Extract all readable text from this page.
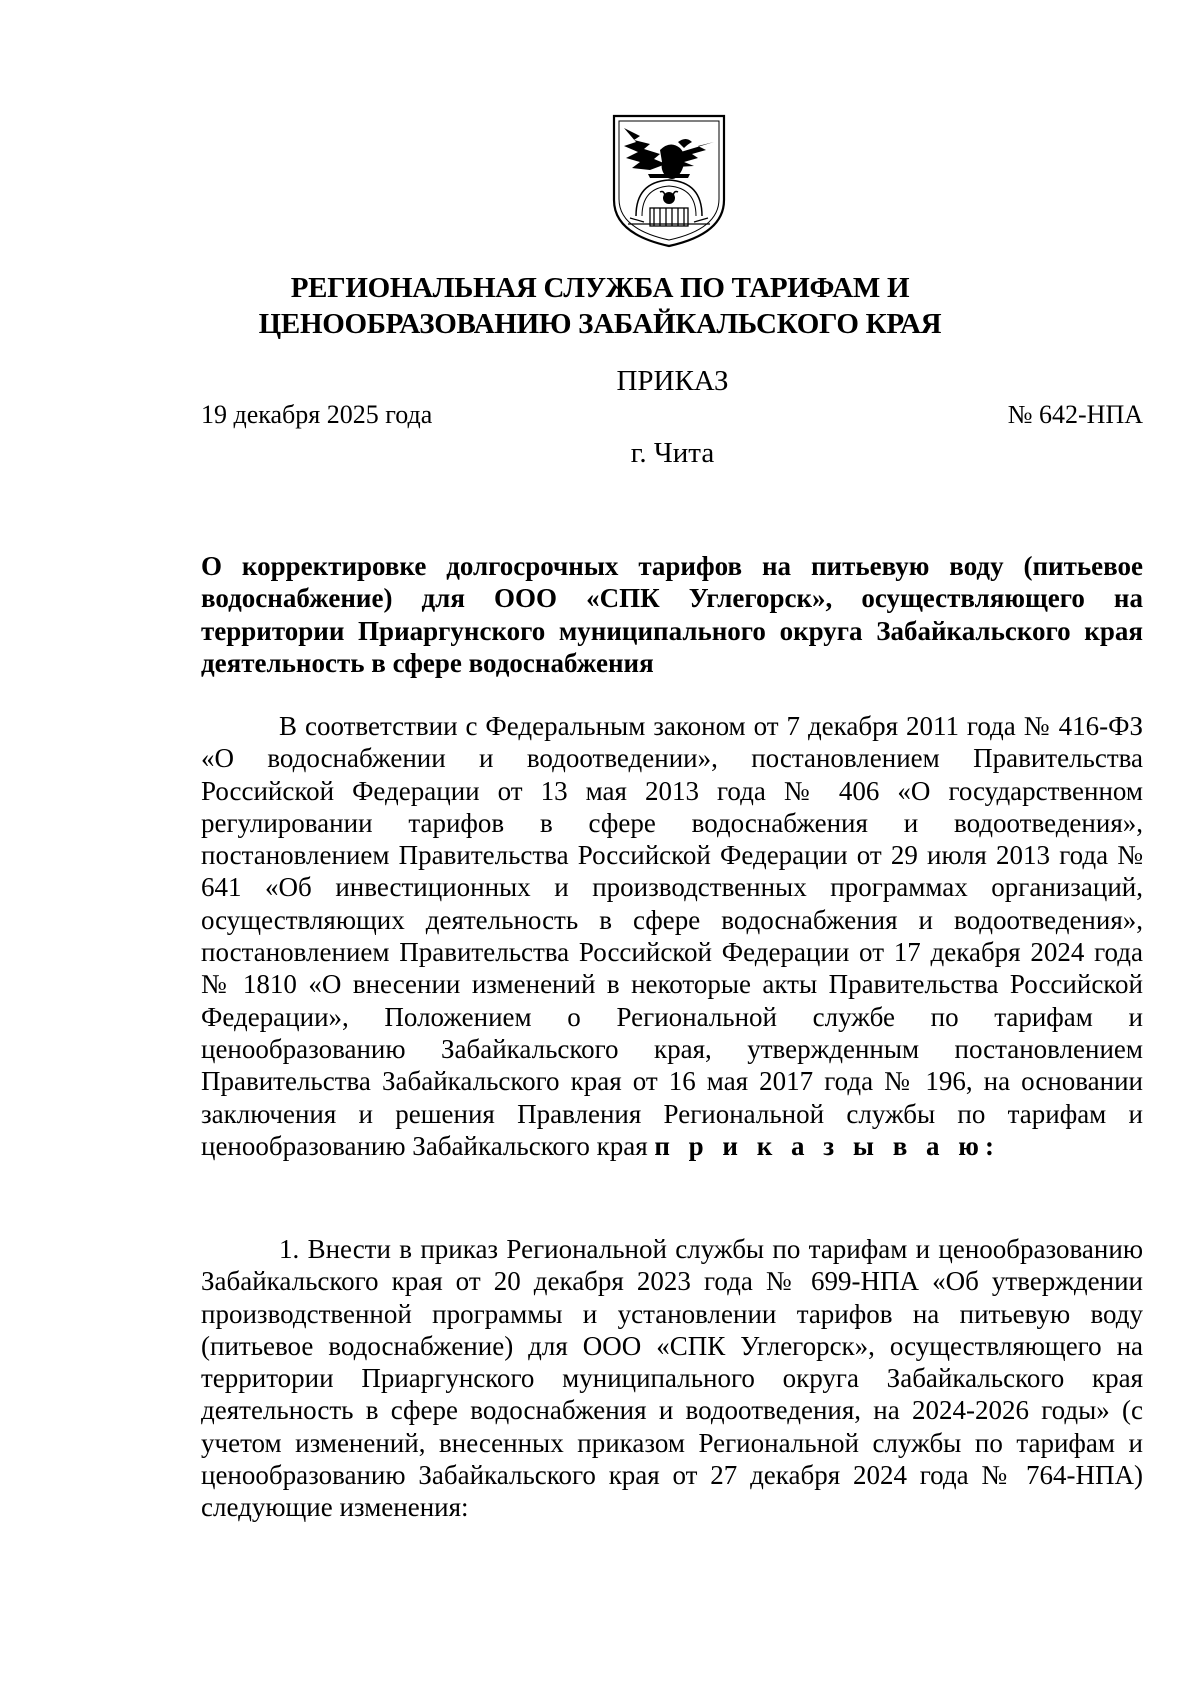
РЕГИОНАЛЬНАЯ СЛУЖБА ПО ТАРИФАМ И
ЦЕНООБРАЗОВАНИЮ ЗАБАЙКАЛЬСКОГО КРАЯ
ПРИКАЗ
19 декабря 2025 года	№ 642-НПА
г. Чита

О корректировке долгосрочных тарифов на питьевую воду (питьевое водоснабжение) для ООО «СПК Углегорск», осуществляющего на территории Приаргунского муниципального округа Забайкальского края деятельность в сфере водоснабжения

В соответствии с Федеральным законом от 7 декабря 2011 года № 416-ФЗ «О водоснабжении и водоотведении», постановлением Правительства Российской Федерации от 13 мая 2013 года № 406 «О государственном регулировании тарифов в сфере водоснабжения и водоотведения», постановлением Правительства Российской Федерации от 29 июля 2013 года № 641 «Об инвестиционных и производственных программах организаций, осуществляющих деятельность в сфере водоснабжения и водоотведения», постановлением Правительства Российской Федерации от 17 декабря 2024 года № 1810 «О внесении изменений в некоторые акты Правительства Российской Федерации», Положением о Региональной службе по тарифам и ценообразованию Забайкальского края, утвержденным постановлением Правительства Забайкальского края от 16 мая 2017 года № 196, на основании заключения и решения Правления Региональной службы по тарифам и ценообразованию Забайкальского края п р и к а з ы в а ю:

1. Внести в приказ Региональной службы по тарифам и ценообразованию Забайкальского края от 20 декабря 2023 года № 699-НПА «Об утверждении производственной программы и установлении тарифов на питьевую воду (питьевое водоснабжение) для ООО «СПК Углегорск», осуществляющего на территории Приаргунского муниципального округа Забайкальского края деятельность в сфере водоснабжения и водоотведения, на 2024-2026 годы» (с учетом изменений, внесенных приказом Региональной службы по тарифам и ценообразованию Забайкальского края от 27 декабря 2024 года № 764-НПА) следующие изменения:
